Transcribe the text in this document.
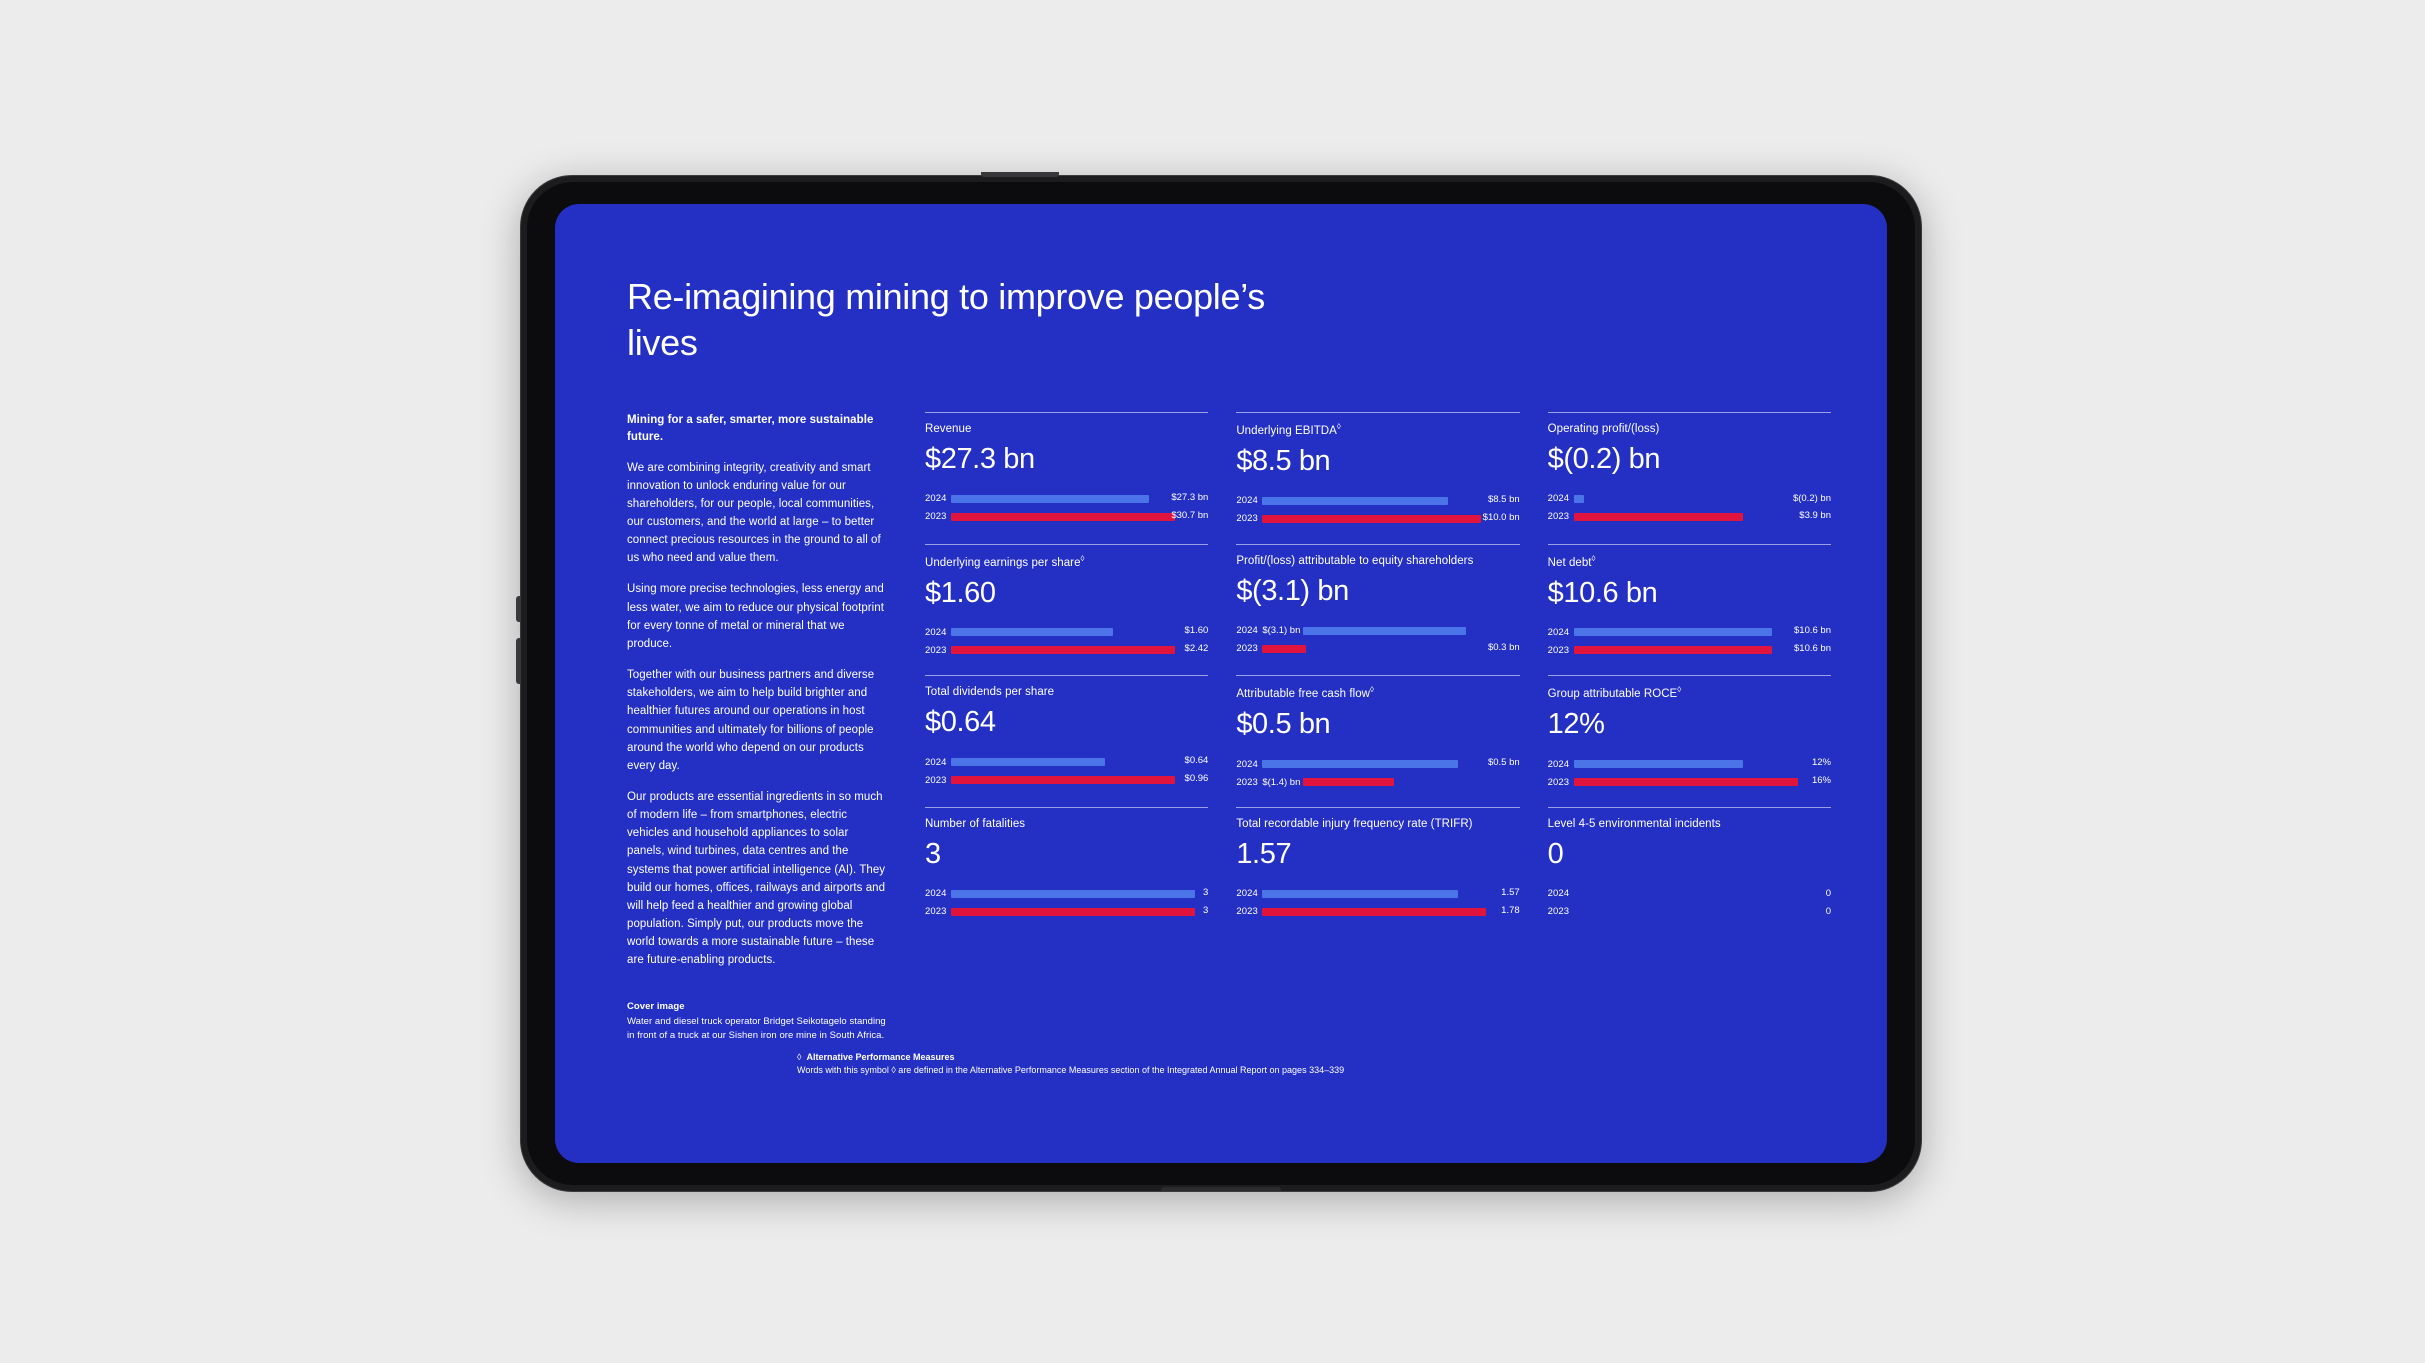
Re-imagining mining to improve people’s lives
Mining for a safer, smarter, more sustainable future.

We are combining integrity, creativity and smart innovation to unlock enduring value for our shareholders, for our people, local communities, our customers, and the world at large – to better connect precious resources in the ground to all of us who need and value them.

Using more precise technologies, less energy and less water, we aim to reduce our physical footprint for every tonne of metal or mineral that we produce.

Together with our business partners and diverse stakeholders, we aim to help build brighter and healthier futures around our operations in host communities and ultimately for billions of people around the world who depend on our products every day.

Our products are essential ingredients in so much of modern life – from smartphones, electric vehicles and household appliances to solar panels, wind turbines, data centres and the systems that power artificial intelligence (AI). They build our homes, offices, railways and airports and will help feed a healthier and growing global population. Simply put, our products move the world towards a more sustainable future – these are future-enabling products.

Cover image
Water and diesel truck operator Bridget Seikotagelo standing in front of a truck at our Sishen iron ore mine in South Africa.
Revenue
$27.3 bn
2024	$27.3 bn
2023	$30.7 bn
Underlying EBITDA◊
$8.5 bn
2024	$8.5 bn
2023	$10.0 bn
Operating profit/(loss)
$(0.2) bn
2024	$(0.2) bn
2023	$3.9 bn
Underlying earnings per share◊
$1.60
2024	$1.60
2023	$2.42
Profit/(loss) attributable to equity shareholders
$(3.1) bn
2024 $(3.1) bn
2023	$0.3 bn
Net debt◊
$10.6 bn
2024	$10.6 bn
2023	$10.6 bn
Total dividends per share
$0.64
2024	$0.64
2023	$0.96
Attributable free cash flow◊
$0.5 bn
2024	$0.5 bn
2023 $(1.4) bn
Group attributable ROCE◊
12%
2024	12%
2023	16%
Number of fatalities
3
2024	3
2023	3
Total recordable injury frequency rate (TRIFR)
1.57
2024	1.57
2023	1.78
Level 4-5 environmental incidents
0
2024	0
2023	0
◊ Alternative Performance Measures
Words with this symbol ◊ are defined in the Alternative Performance Measures section of the Integrated Annual Report on pages 334–339
